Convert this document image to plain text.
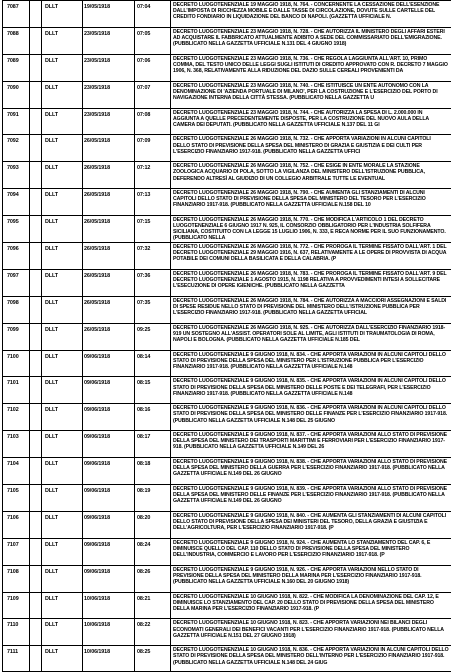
7087	DLLT	19/05/1918	07:04	DECRETO LUOGOTENENZIALE 19 MAGGIO 1918, N. 764. - CONCERNENTE LA CESSAZIONE DELL'ESENZIONE DALL'IMPOSTA DI RICCHEZZA MOBILE E DALLE TASSE DI CIRCOLAZIONE, DOVUTE SULLE CARTELLE DEL CREDITO FONDIARIO IN LIQUIDAZIONE DEL BANCO DI NAPOLI. (GAZZETTA UFFICIALE N.
7088	DLLT	23/05/1918	07:05	DECRETO LUOGOTENENZIALE 23 MAGGIO 1918, N. 728. - CHE AUTORIZZA IL MINISTERO DEGLI AFFARI ESTERI AD ACQUISTARE IL FABBRICATO ATTUALMENTE ADIBITO A SEDE DEL COMMISSARIATO DELL'EMIGRAZIONE. (PUBBLICATO NELLA GAZZETTA UFFICIALE N.131 DEL 4 GIUGNO 1918)
7089	DLLT	23/05/1918	07:06	DECRETO LUOGOTENENZIALE 23 MAGGIO 1918, N. 736. - CHE REGOLA LAGGIUNTA ALL'ART. 10, PRIMO COMMA, DEL TESTO UNICO DELLE LEGGI SUGLI ISTITUTI DI CREDITO APPROVATO CON R. DECRETO 7 MAGGIO 1906, N. 368, RELATIVAMENTE ALLA RIDUZIONE DEL DAZIO SULLE CEREALI PROVENIENTI DA
7090	DLLT	23/05/1918	07:07	DECRETO LUOGOTENENZIALE 23 MAGGIO 1918, N. 740. - CHE ISTITUISCE UN ENTE AUTONOMO CON LA DENOMINAZIONE DI 'AZIENDA PORTUALE DI MILANO', PER LA COSTRUZIONE E L'ESERCIZIO DEL PORTO DI NAVIGAZIONE INTERNA DELLA CITTÀ STESSA. (PUBBLICATO NELLA GAZZETTA U
7091	DLLT	23/05/1918	07:08	DECRETO LUOGOTENENZIALE 23 MAGGIO 1918, N. 744. - CHE AUTORIZZA LA SPESA DI L. 2.000.000 IN AGGIUNTA A QUELLE PRECEDENTEMENTE DISPOSTE, PER LA COSTRUZIONE DEL NUOVO AULA DELLA CAMERA DEI DEPUTATI. (PUBBLICATO NELLA GAZZETTA UFFICIALE N.137 DEL 11 GI
7092	DLLT	26/05/1918	07:09	DECRETO LUOGOTENENZIALE 26 MAGGIO 1918, N. 732. - CHE APPORTA VARIAZIONI IN ALCUNI CAPITOLI DELLO STATO DI PREVISIONE DELLA SPESA DEL MINISTERO DI GRAZIA E GIUSTIZIA E DEI CULTI PER L'ESERCIZIO FINANZIARIO 1917-918. (PUBBLICATO NELLA GAZZETTA UFFICI
7093	DLLT	26/05/1918	07:12	DECRETO LUOGOTENENZIALE 26 MAGGIO 1918, N. 752. - CHE ESIGE IN ENTE MORALE LA STAZIONE ZOOLOGICA ACQUARIO DI POLA, SOTTO LA VIGILANZA DEL MINISTERO DELL'ISTRUZIONE PUBBLICA, DEFERENDO ALTRESÌ AL GIUDIZIO DI UN COLLEGIO ARBITRALE TUTTE LE EVENTUAL
7094	DLLT	26/05/1918	07:13	DECRETO LUOGOTENENZIALE 26 MAGGIO 1918, N. 790. - CHE AUMENTA GLI STANZIAMENTI DI ALCUNI CAPITOLI DELLO STATO DI PREVISIONE DELLA SPESA DEL MINISTERO DEL TESORO PER L'ESERCIZIO FINANZIARIO 1917-918. (PUBBLICATO NELLA GAZZETTA UFFICIALE N.158 DEL 10
7095	DLLT	26/05/1918	07:15	DECRETO LUOGOTENENZIALE 26 MAGGIO 1918, N. 770. - CHE MODIFICA L'ARTICOLO 1 DEL DECRETO LUOGOTENENZIALE 6 GIUGNO 1917 N. 925, IL CONSORZIO OBBLIGATORIO PER L'INDUSTRIA SOLFIFERA SICILIANA, COSTITUITO CON LA LEGGE 15 LUGLIO 1906, N. 333, E RECA NORME PER IL SUO FUNZIONAMENTO. (PUBBLICATO NELLA
7096	DLLT	26/05/1918	07:32	DECRETO LUOGOTENENZIALE 26 MAGGIO 1918, N. 772. - CHE PROROGA IL TERMINE FISSATO DALL'ART. 1 DEL DECRETO LUOGOTENENZIALE 29 MAGGIO 1916, N. 637, RELATIVAMENTE A LE OPERE DI PROVVISTA DI ACQUA POTABILE DEI COMUNI DELLA BASILICATA E DELLA CALABRIA. (P
7097	DLLT	26/05/1918	07:36	DECRETO LUOGOTENENZIALE 26 MAGGIO 1918, N. 783. - CHE PROROGA IL TERMINE FISSATO DALL'ART. 9 DEL DECRETO LUOGOTENENZIALE 1 AGOSTO 1915, N. 1198 RELATIVA A PROVVEDIMENTI INTESI A SOLLECITARE L'ESECUZIONE DI OPERE IGIENICHE. (PUBBLICATO NELLA GAZZETTA
7098	DLLT	26/05/1918	07:35	DECRETO LUOGOTENENZIALE 26 MAGGIO 1918, N. 784. - CHE AUTORIZZA A MACCIORI ASSEGNAZIONI E SALDI DI SPESE RESIDUE NELLO STATO DI PREVISIONE DEL MINISTERO DELL'ISTRUZIONE PUBBLICA PER L'ESERCIZIO FINANZIARIO 1917-918. (PUBBLICATO NELLA GAZZETTA UFFICIAL
7099	DLLT	26/05/1918	09:25	DECRETO LUOGOTENENZIALE 26 MAGGIO 1918, N. 925. - CHE AUTORIZZA DALL'ESERCIZIO FINANZIARIO 1918-919 UN SOSTEGNO ALL'ASSIST. OPERATORI SOLE AL LIMITE, AGLI ISTITUTI DI TRAUMATOLOGIA DI ROMA, NAPOLI E BOLOGNA. (PUBBLICATO NELLA GAZZETTA UFFICIALE N.185 DEL
7100	DLLT	09/06/1918	08:14	DECRETO LUOGOTENENZIALE 9 GIUGNO 1918, N. 834. - CHE APPORTA VARIAZIONI IN ALCUNI CAPITOLI DELLO STATO DI PREVISIONE DELLA SPESA DEL MINISTERO PER L'ISTRUZIONE PUBBLICA PER L'ESERCIZIO FINANZIARIO 1917-918. (PUBBLICATO NELLA GAZZETTA UFFICIALE N.148
7101	DLLT	09/06/1918	08:15	DECRETO LUOGOTENENZIALE 9 GIUGNO 1918, N. 835. - CHE APPORTA VARIAZIONI IN ALCUNI CAPITOLI DELLO STATO DI PREVISIONE DELLA SPESA DEL MINISTERO DELLE POSTE E DEI TELEGRAFI, PER L'ESERCIZIO FINANZIARIO 1917-918. (PUBBLICATO NELLA GAZZETTA UFFICIALE N.148
7102	DLLT	09/06/1918	08:16	DECRETO LUOGOTENENZIALE 9 GIUGNO 1918, N. 836. - CHE APPORTA VARIAZIONI IN ALCUNI CAPITOLI DELLO STATO DI PREVISIONE DELLA SPESA DEL MINISTERO DELLE FINANZE PER L'ESERCIZIO FINANZIARIO 1917-918. (PUBBLICATO NELLA GAZZETTA UFFICIALE N.148 DEL 25 GIUGNO
7103	DLLT	09/06/1918	08:17	DECRETO LUOGOTENENZIALE 9 GIUGNO 1918, N. 837. - CHE APPORTA VARIAZIONI ALLO STATO DI PREVISIONE DELLA SPESA DEL MINISTERO DEI TRASPORTI MARITTIMI E FERROVIARI PER L'ESERCIZIO FINANZIARIO 1917-918. (PUBBLICATO NELLA GAZZETTA UFFICIALE N.149 DEL 26
7104	DLLT	09/06/1918	08:18	DECRETO LUOGOTENENZIALE 9 GIUGNO 1918, N. 838. - CHE APPORTA VARIAZIONI ALLO STATO DI PREVISIONE DELLA SPESA DEL MINISTERO DELLA GUERRA PER L'ESERCIZIO FINANZIARIO 1917-918. (PUBBLICATO NELLA GAZZETTA UFFICIALE N.149 DEL 26 GIUGNO
7105	DLLT	09/06/1918	08:19	DECRETO LUOGOTENENZIALE 9 GIUGNO 1918, N. 839. - CHE APPORTA VARIAZIONI ALLO STATO DI PREVISIONE DELLA SPESA DEL MINISTERO DELLE FINANZE PER L'ESERCIZIO FINANZIARIO 1917-918. (PUBBLICATO NELLA GAZZETTA UFFICIALE N.149 DEL 26 GIUGNO
7106	DLLT	09/06/1918	08:20	DECRETO LUOGOTENENZIALE 9 GIUGNO 1918, N. 840. - CHE AUMENTA GLI STANZIAMENTI DI ALCUNI CAPITOLI DELLO STATO DI PREVISIONE DELLA SPESA DEI MINISTERI DEL TESORO, DELLA GRAZIA E GIUSTIZIA E DELL'AGRICOLTURA, PER L'ESERCIZIO FINANZIARIO 1917-918. (P
7107	DLLT	09/06/1918	08:24	DECRETO LUOGOTENENZIALE 9 GIUGNO 1918, N. 924. - CHE AUMENTA LO STANZIAMENTO DEL CAP. 6, E DIMINUISCE QUELLO DEL CAP. 110 DELLO STATO DI PREVISIONE DELLA SPESA DEL MINISTERO DELL'INDUSTRIA, COMMERCIO E LAVORO PER L'ESERCIZIO FINANZIARIO 1917-918. (P
7108	DLLT	09/06/1918	08:26	DECRETO LUOGOTENENZIALE 9 GIUGNO 1918, N. 926. - CHE APPORTA VARIAZIONI NELLO STATO DI PREVISIONE DELLA SPESA DEL MINISTERO DELLA MARINA PER L'ESERCIZIO FINANZIARIO 1917-918. (PUBBLICATO NELLA GAZZETTA UFFICIALE N.160 DEL 20 GIUGNO 1918)
7109	DLLT	10/06/1918	08:21	DECRETO LUOGOTENENZIALE 10 GIUGNO 1918, N. 822. - CHE MODIFICA LA DENOMINAZIONE DEL CAP. 12, E DIMINUISCE LO STANZIAMENTO DEL CAP. 20 DELLO STATO DI PREVISIONE DELLA SPESA DEL MINISTERO DELLA MARINA PER L'ESERCIZIO FINANZIARIO 1917-918. (P
7110	DLLT	10/06/1918	08:22	DECRETO LUOGOTENENZIALE 10 GIUGNO 1918, N. 823. - CHE APPORTA VARIAZIONI NEI BILANCI DEGLI ECONOMATI GENERALI DEI BENEFICI VACANTI PER L'ESERCIZIO FINANZIARIO 1917-918. (PUBBLICATO NELLA GAZZETTA UFFICIALE N.151 DEL 27 GIUGNO 1918)
7111	DLLT	10/06/1918	08:25	DECRETO LUOGOTENENZIALE 10 GIUGNO 1918, N. 836. - CHE APPORTA VARIAZIONI IN ALCUNI CAPITOLI DELLO STATO DI PREVISIONE DELLA SPESA DEL MINISTERO DELL'INTERNO PER L'ESERCIZIO FINANZIARIO 1917-918. (PUBBLICATO NELLA GAZZETTA UFFICIALE N.148 DEL 24 GIUG
